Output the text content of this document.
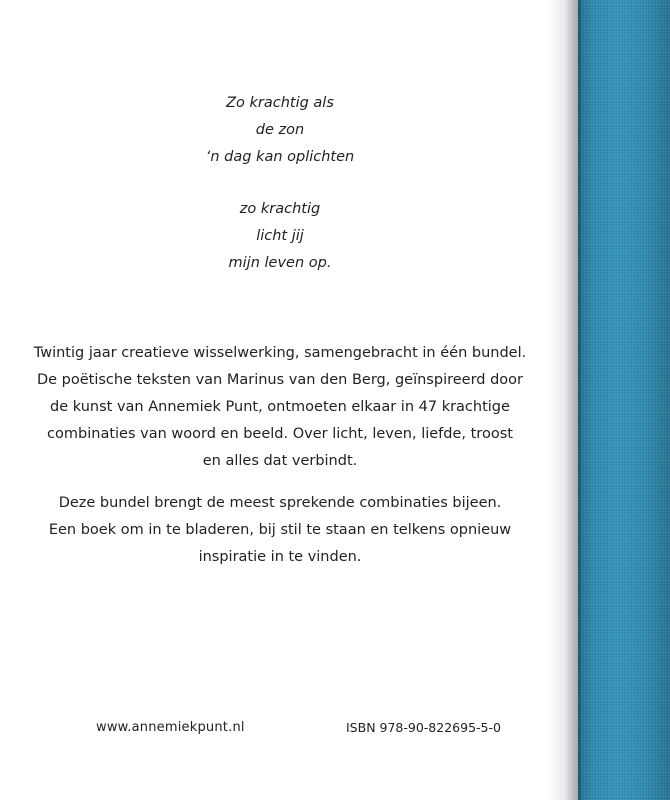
Zo krachtig als
de zon
‘n dag kan oplichten
zo krachtig
licht jij
mijn leven op.
Twintig jaar creatieve wisselwerking, samengebracht in één bundel.
De poëtische teksten van Marinus van den Berg, geïnspireerd door
de kunst van Annemiek Punt, ontmoeten elkaar in 47 krachtige
combinaties van woord en beeld. Over licht, leven, liefde, troost
en alles dat verbindt.
Deze bundel brengt de meest sprekende combinaties bijeen.
Een boek om in te bladeren, bij stil te staan en telkens opnieuw
inspiratie in te vinden.
www.annemiekpunt.nl	ISBN 978-90-822695-5-0
